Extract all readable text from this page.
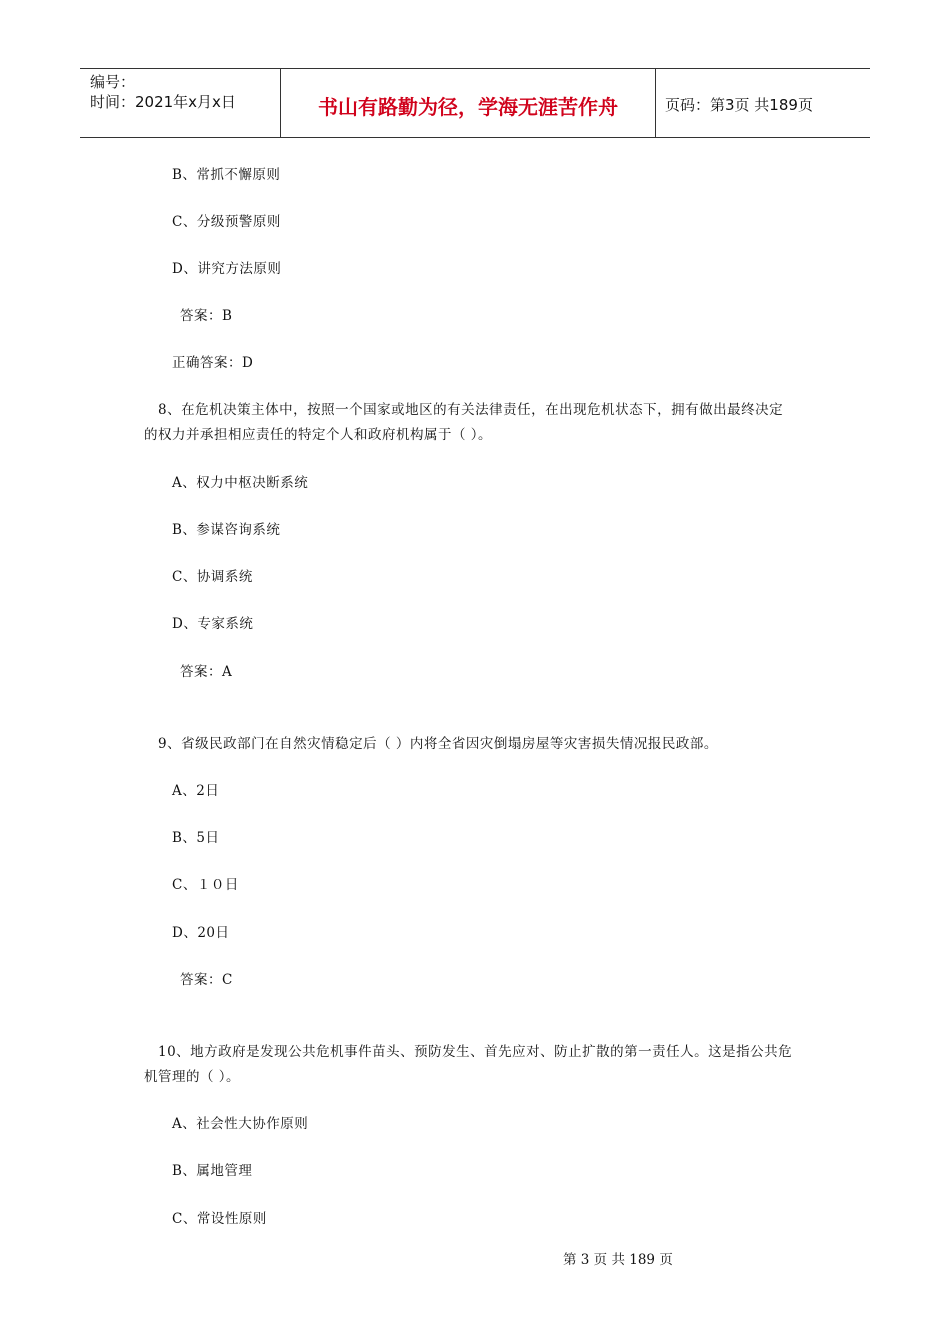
编号：
时间：2021年x月x日	书山有路勤为径，学海无涯苦作舟	页码：第3页 共189页
B、常抓不懈原则
C、分级预警原则
D、讲究方法原则
答案：B
正确答案：D
8、在危机决策主体中，按照一个国家或地区的有关法律责任，在出现危机状态下，拥有做出最终决定
的权力并承担相应责任的特定个人和政府机构属于（ ）。
A、权力中枢决断系统
B、参谋咨询系统
C、协调系统
D、专家系统
答案：A
9、省级民政部门在自然灾情稳定后（ ）内将全省因灾倒塌房屋等灾害损失情况报民政部。
A、2日
B、5日
C、１０日
D、20日
答案：C
10、地方政府是发现公共危机事件苗头、预防发生、首先应对、防止扩散的第一责任人。这是指公共危
机管理的（ ）。
A、社会性大协作原则
B、属地管理
C、常设性原则
第 3 页 共 189 页
